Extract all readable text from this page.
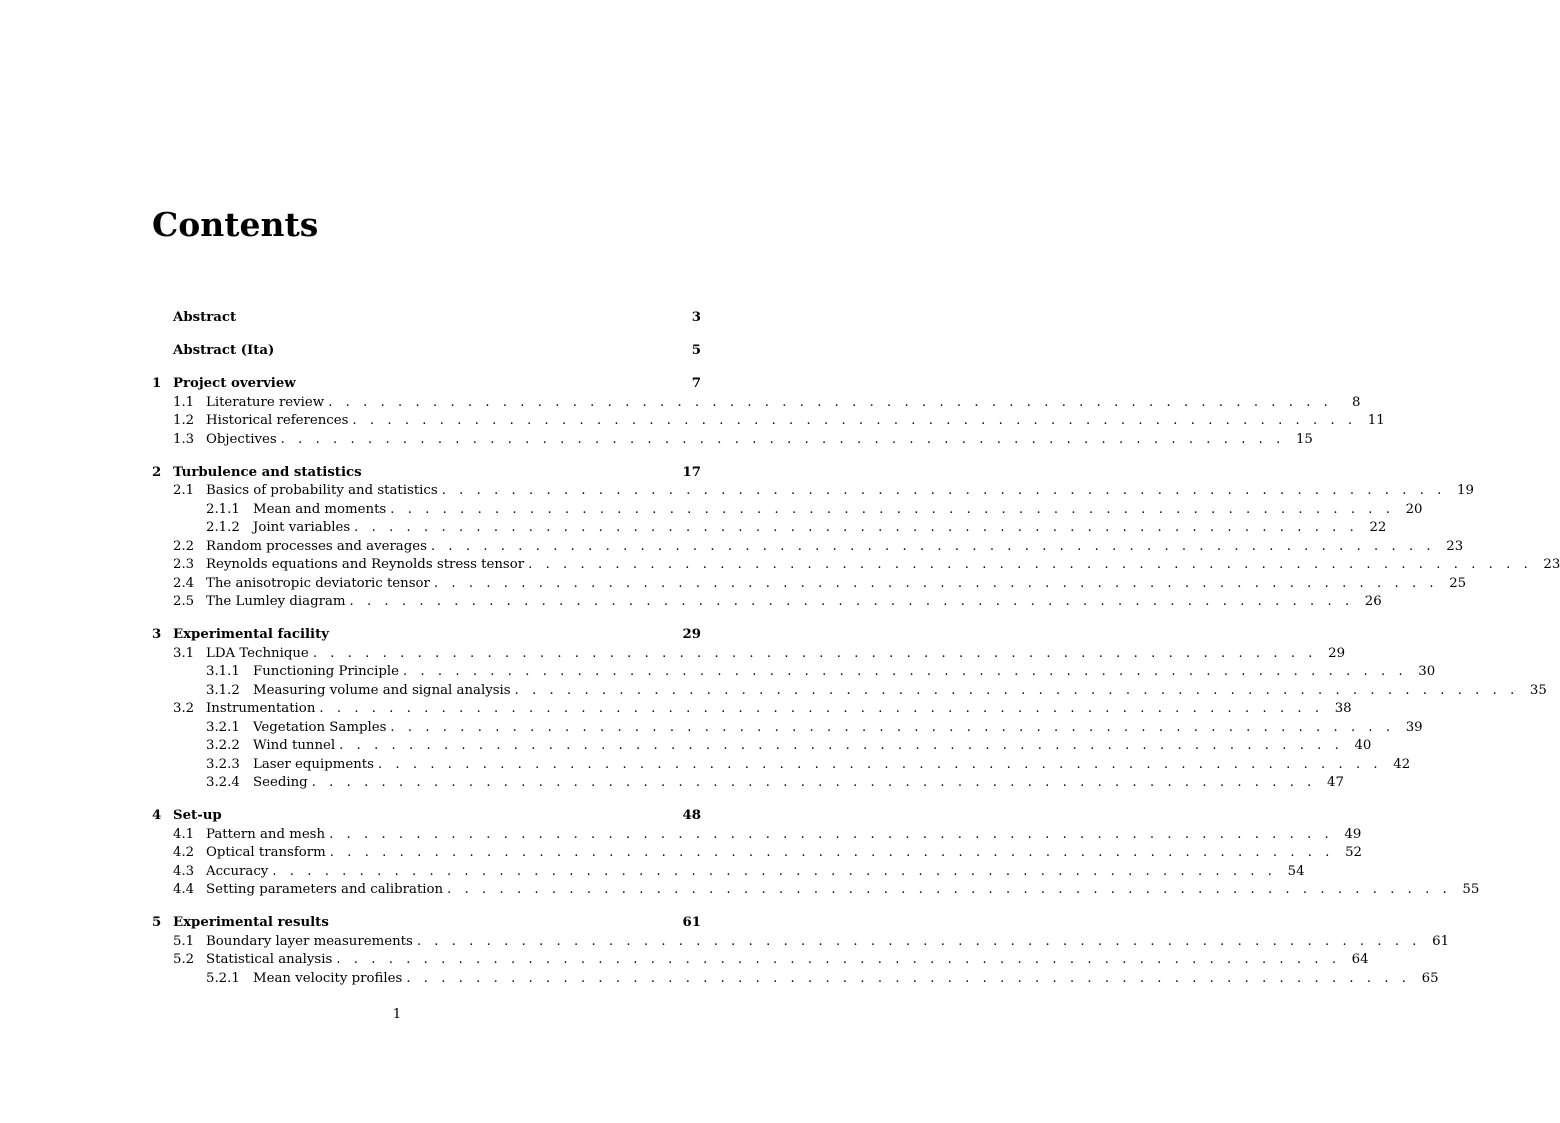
Contents
Abstract	3
Abstract (Ita)	5
1 Project overview	7
1.1 Literature review . . . . . . . . . . . . . . . . . . . . . . . . . . . . . . . . . . . . . . . . . . . . . . . . . . . . . . . . . .	8
1.2 Historical references . . . . . . . . . . . . . . . . . . . . . . . . . . . . . . . . . . . . . . . . . . . . . . . . . . . . . . . . . . 11
1.3 Objectives . . . . . . . . . . . . . . . . . . . . . . . . . . . . . . . . . . . . . . . . . . . . . . . . . . . . . . . . . . 15
2 Turbulence and statistics	17
2.1 Basics of probability and statistics . . . . . . . . . . . . . . . . . . . . . . . . . . . . . . . . . . . . . . . . . . . . . . . . . . . . . . . . . . 19
2.1.1 Mean and moments . . . . . . . . . . . . . . . . . . . . . . . . . . . . . . . . . . . . . . . . . . . . . . . . . . . . . . . . . . 20
2.1.2 Joint variables . . . . . . . . . . . . . . . . . . . . . . . . . . . . . . . . . . . . . . . . . . . . . . . . . . . . . . . . . . 22
2.2 Random processes and averages . . . . . . . . . . . . . . . . . . . . . . . . . . . . . . . . . . . . . . . . . . . . . . . . . . . . . . . . . . 23
2.3 Reynolds equations and Reynolds stress tensor . . . . . . . . . . . . . . . . . . . . . . . . . . . . . . . . . . . . . . . . . . . . . . . . . . . . . . . . . . 23
2.4 The anisotropic deviatoric tensor . . . . . . . . . . . . . . . . . . . . . . . . . . . . . . . . . . . . . . . . . . . . . . . . . . . . . . . . . . 25
2.5 The Lumley diagram . . . . . . . . . . . . . . . . . . . . . . . . . . . . . . . . . . . . . . . . . . . . . . . . . . . . . . . . . . 26
3 Experimental facility	29
3.1 LDA Technique . . . . . . . . . . . . . . . . . . . . . . . . . . . . . . . . . . . . . . . . . . . . . . . . . . . . . . . . . . 29
3.1.1 Functioning Principle . . . . . . . . . . . . . . . . . . . . . . . . . . . . . . . . . . . . . . . . . . . . . . . . . . . . . . . . . . 30
3.1.2 Measuring volume and signal analysis . . . . . . . . . . . . . . . . . . . . . . . . . . . . . . . . . . . . . . . . . . . . . . . . . . . . . . . . . . 35
3.2 Instrumentation . . . . . . . . . . . . . . . . . . . . . . . . . . . . . . . . . . . . . . . . . . . . . . . . . . . . . . . . . . 38
3.2.1 Vegetation Samples . . . . . . . . . . . . . . . . . . . . . . . . . . . . . . . . . . . . . . . . . . . . . . . . . . . . . . . . . . 39
3.2.2 Wind tunnel . . . . . . . . . . . . . . . . . . . . . . . . . . . . . . . . . . . . . . . . . . . . . . . . . . . . . . . . . . 40
3.2.3 Laser equipments . . . . . . . . . . . . . . . . . . . . . . . . . . . . . . . . . . . . . . . . . . . . . . . . . . . . . . . . . . 42
3.2.4 Seeding . . . . . . . . . . . . . . . . . . . . . . . . . . . . . . . . . . . . . . . . . . . . . . . . . . . . . . . . . . 47
4 Set-up	48
4.1 Pattern and mesh . . . . . . . . . . . . . . . . . . . . . . . . . . . . . . . . . . . . . . . . . . . . . . . . . . . . . . . . . . 49
4.2 Optical transform . . . . . . . . . . . . . . . . . . . . . . . . . . . . . . . . . . . . . . . . . . . . . . . . . . . . . . . . . . 52
4.3 Accuracy . . . . . . . . . . . . . . . . . . . . . . . . . . . . . . . . . . . . . . . . . . . . . . . . . . . . . . . . . . 54
4.4 Setting parameters and calibration . . . . . . . . . . . . . . . . . . . . . . . . . . . . . . . . . . . . . . . . . . . . . . . . . . . . . . . . . . 55
5 Experimental results	61
5.1 Boundary layer measurements . . . . . . . . . . . . . . . . . . . . . . . . . . . . . . . . . . . . . . . . . . . . . . . . . . . . . . . . . . 61
5.2 Statistical analysis . . . . . . . . . . . . . . . . . . . . . . . . . . . . . . . . . . . . . . . . . . . . . . . . . . . . . . . . . . 64
5.2.1 Mean velocity profiles . . . . . . . . . . . . . . . . . . . . . . . . . . . . . . . . . . . . . . . . . . . . . . . . . . . . . . . . . . 65
1
